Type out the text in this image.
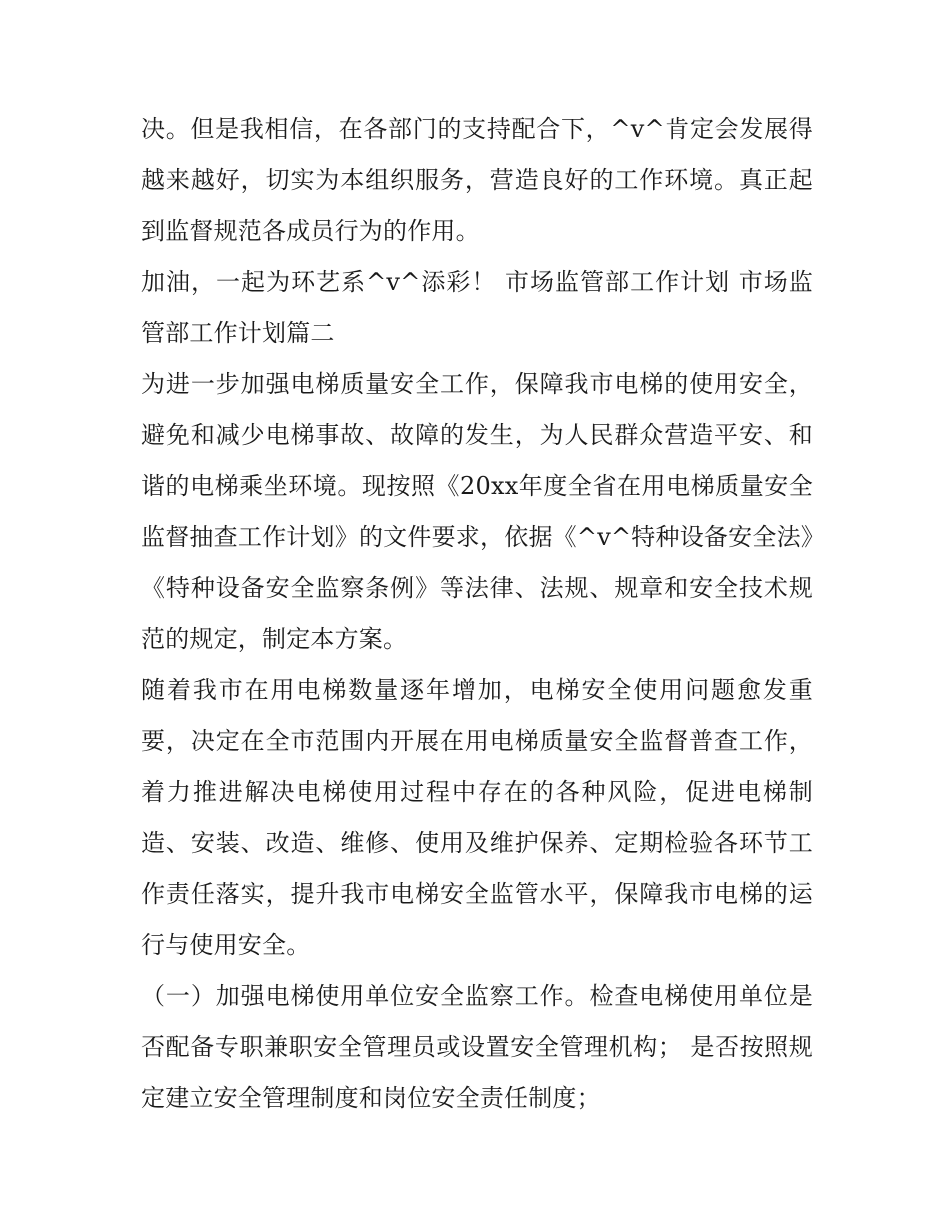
决。但是我相信，在各部门的支持配合下，^v^肯定会发展得越来越好，切实为本组织服务，营造良好的工作环境。真正起到监督规范各成员行为的作用。

加油，一起为环艺系^v^添彩！ 市场监管部工作计划 市场监管部工作计划篇二

为进一步加强电梯质量安全工作，保障我市电梯的使用安全，避免和减少电梯事故、故障的发生，为人民群众营造平安、和谐的电梯乘坐环境。现按照《20xx年度全省在用电梯质量安全监督抽查工作计划》的文件要求，依据《^v^特种设备安全法》《特种设备安全监察条例》等法律、法规、规章和安全技术规范的规定，制定本方案。

随着我市在用电梯数量逐年增加，电梯安全使用问题愈发重要，决定在全市范围内开展在用电梯质量安全监督普查工作，着力推进解决电梯使用过程中存在的各种风险，促进电梯制造、安装、改造、维修、使用及维护保养、定期检验各环节工作责任落实，提升我市电梯安全监管水平，保障我市电梯的运行与使用安全。

（一）加强电梯使用单位安全监察工作。检查电梯使用单位是否配备专职兼职安全管理员或设置安全管理机构； 是否按照规定建立安全管理制度和岗位安全责任制度；
